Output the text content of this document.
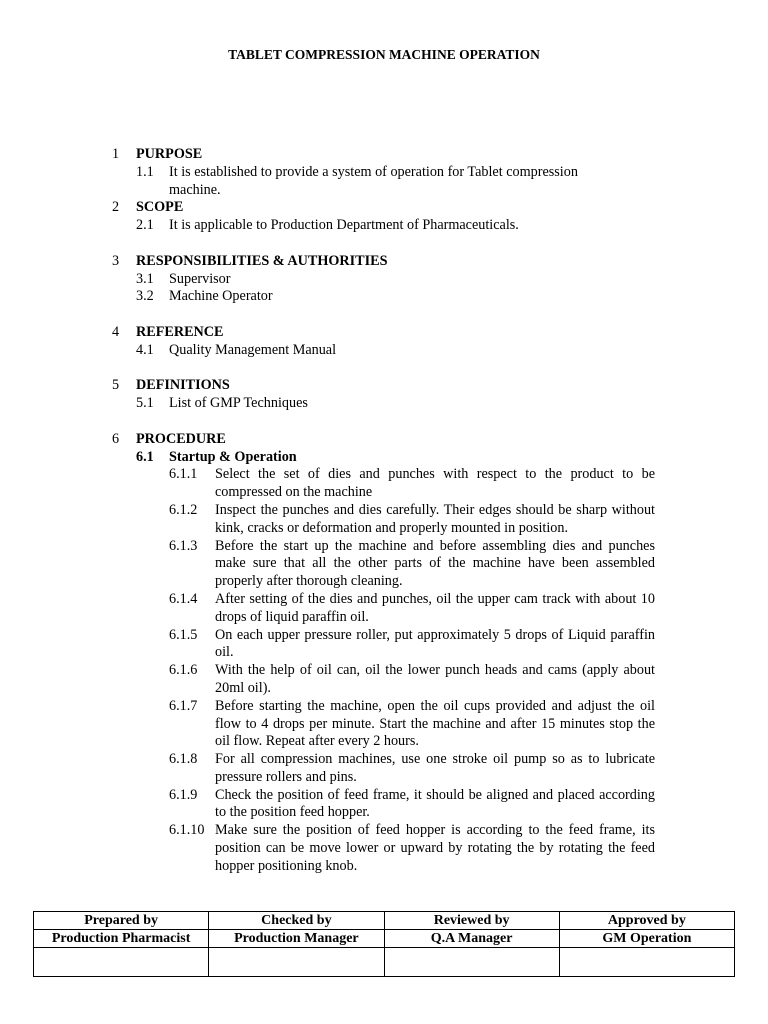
TABLET COMPRESSION MACHINE OPERATION
1 PURPOSE
1.1 It is established to provide a system of operation for Tablet compression machine.
2 SCOPE
2.1 It is applicable to Production Department of Pharmaceuticals.
3 RESPONSIBILITIES & AUTHORITIES
3.1 Supervisor
3.2 Machine Operator
4 REFERENCE
4.1 Quality Management Manual
5 DEFINITIONS
5.1 List of GMP Techniques
6 PROCEDURE
6.1 Startup & Operation
6.1.1 Select the set of dies and punches with respect to the product to be compressed on the machine
6.1.2 Inspect the punches and dies carefully. Their edges should be sharp without kink, cracks or deformation and properly mounted in position.
6.1.3 Before the start up the machine and before assembling dies and punches make sure that all the other parts of the machine have been assembled properly after thorough cleaning.
6.1.4 After setting of the dies and punches, oil the upper cam track with about 10 drops of liquid paraffin oil.
6.1.5 On each upper pressure roller, put approximately 5 drops of Liquid paraffin oil.
6.1.6 With the help of oil can, oil the lower punch heads and cams (apply about 20ml oil).
6.1.7 Before starting the machine, open the oil cups provided and adjust the oil flow to 4 drops per minute. Start the machine and after 15 minutes stop the oil flow. Repeat after every 2 hours.
6.1.8 For all compression machines, use one stroke oil pump so as to lubricate pressure rollers and pins.
6.1.9 Check the position of feed frame, it should be aligned and placed according to the position feed hopper.
6.1.10 Make sure the position of feed hopper is according to the feed frame, its position can be move lower or upward by rotating the by rotating the feed hopper positioning knob.
Prepared by	Checked by	Reviewed by	Approved by
Production Pharmacist	Production Manager	Q.A Manager	GM Operation
